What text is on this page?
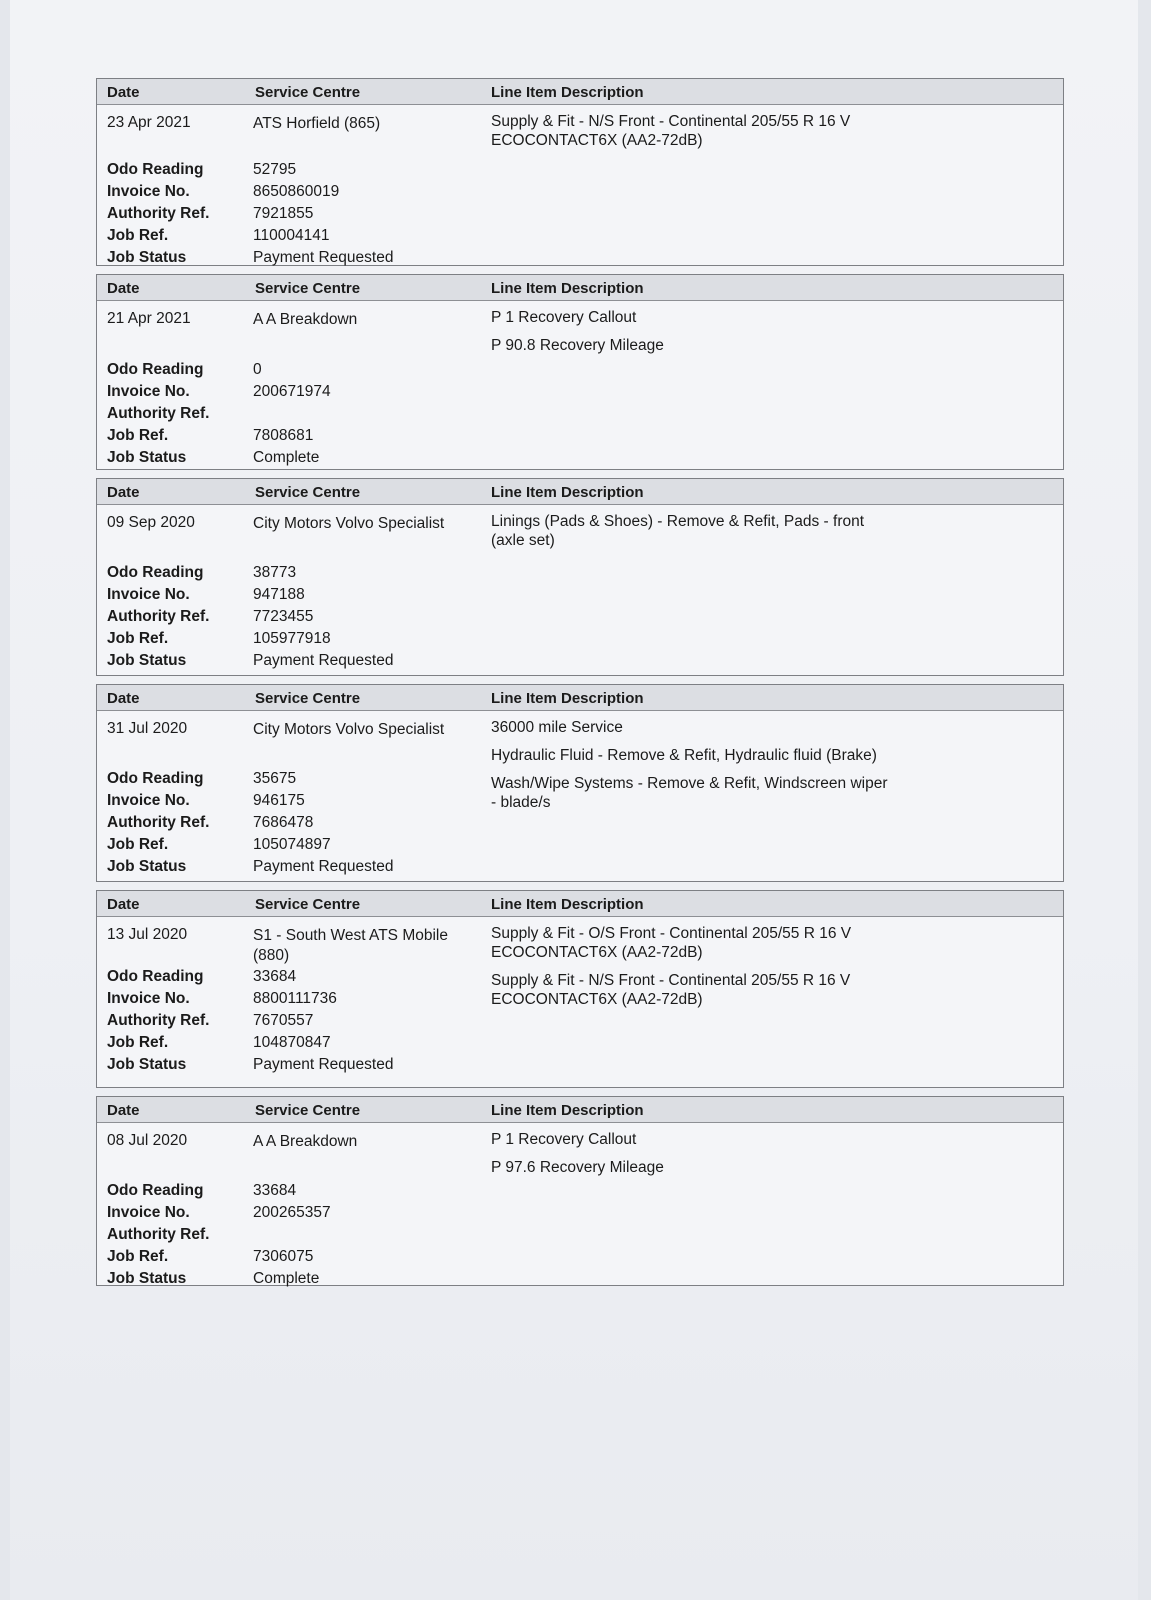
Date	Service Centre	Line Item Description
23 Apr 2021	ATS Horfield (865)	Supply & Fit - N/S Front - Continental 205/55 R 16 V ECOCONTACT6X (AA2-72dB)
Odo Reading	52795
Invoice No.	8650860019
Authority Ref.	7921855
Job Ref.	110004141
Job Status	Payment Requested
Date	Service Centre	Line Item Description
21 Apr 2021	A A Breakdown	P 1 Recovery Callout
P 90.8 Recovery Mileage
Odo Reading	0
Invoice No.	200671974
Authority Ref.
Job Ref.	7808681
Job Status	Complete
Date	Service Centre	Line Item Description
09 Sep 2020	City Motors Volvo Specialist	Linings (Pads & Shoes) - Remove & Refit, Pads - front (axle set)
Odo Reading	38773
Invoice No.	947188
Authority Ref.	7723455
Job Ref.	105977918
Job Status	Payment Requested
Date	Service Centre	Line Item Description
31 Jul 2020	City Motors Volvo Specialist	36000 mile Service
Hydraulic Fluid - Remove & Refit, Hydraulic fluid (Brake)
Wash/Wipe Systems - Remove & Refit, Windscreen wiper - blade/s
Odo Reading	35675
Invoice No.	946175
Authority Ref.	7686478
Job Ref.	105074897
Job Status	Payment Requested
Date	Service Centre	Line Item Description
13 Jul 2020	S1 - South West ATS Mobile (880)
Supply & Fit - O/S Front - Continental 205/55 R 16 V ECOCONTACT6X (AA2-72dB)
Supply & Fit - N/S Front - Continental 205/55 R 16 V ECOCONTACT6X (AA2-72dB)
Odo Reading	33684
Invoice No.	8800111736
Authority Ref.	7670557
Job Ref.	104870847
Job Status	Payment Requested
Date	Service Centre	Line Item Description
08 Jul 2020	A A Breakdown	P 1 Recovery Callout
P 97.6 Recovery Mileage
Odo Reading	33684
Invoice No.	200265357
Authority Ref.
Job Ref.	7306075
Job Status	Complete
